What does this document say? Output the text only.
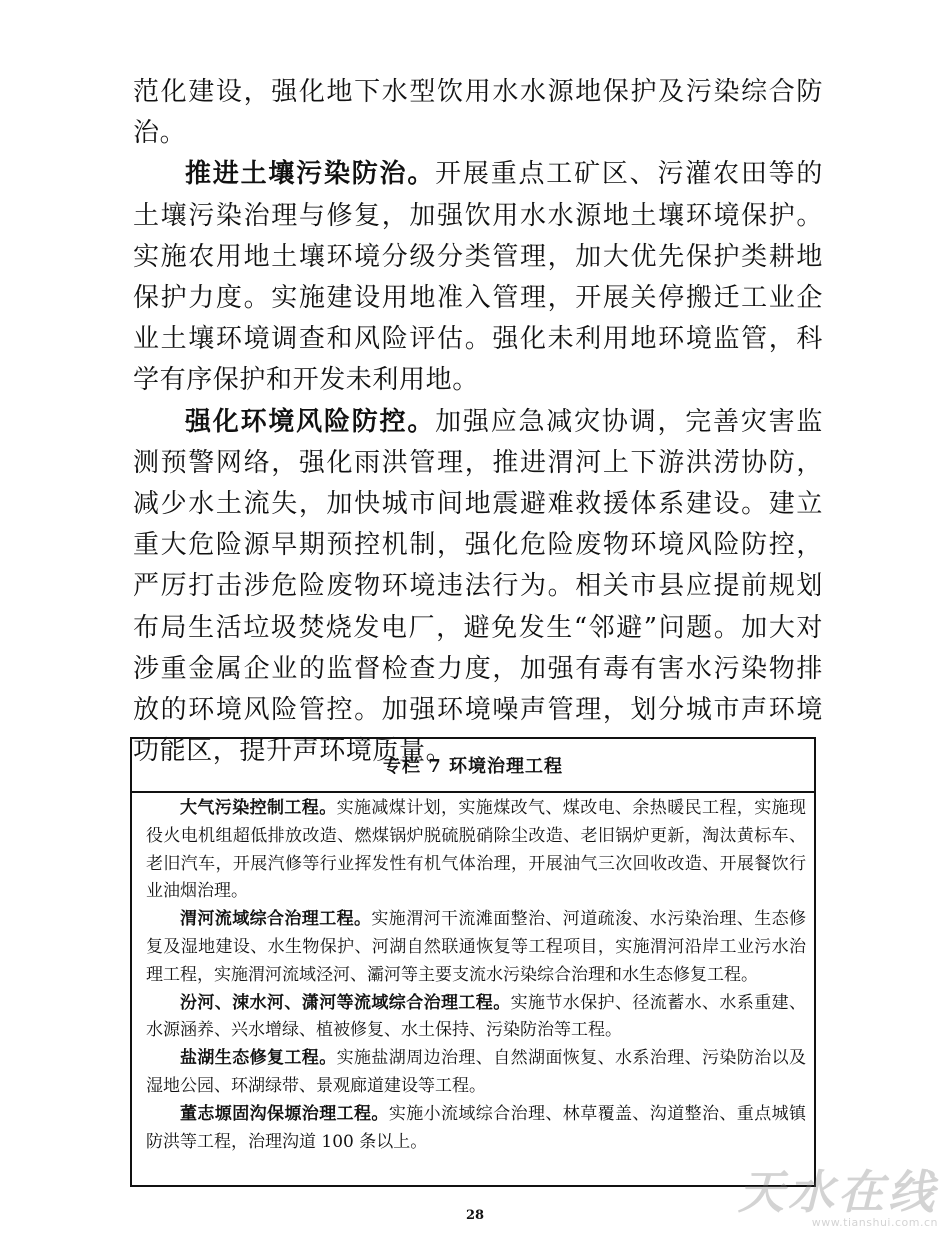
范化建设，强化地下水型饮用水水源地保护及污染综合防治。

推进土壤污染防治。开展重点工矿区、污灌农田等的土壤污染治理与修复，加强饮用水水源地土壤环境保护。实施农用地土壤环境分级分类管理，加大优先保护类耕地保护力度。实施建设用地准入管理，开展关停搬迁工业企业土壤环境调查和风险评估。强化未利用地环境监管，科学有序保护和开发未利用地。

强化环境风险防控。加强应急减灾协调，完善灾害监测预警网络，强化雨洪管理，推进渭河上下游洪涝协防，减少水土流失，加快城市间地震避难救援体系建设。建立重大危险源早期预控机制，强化危险废物环境风险防控，严厉打击涉危险废物环境违法行为。相关市县应提前规划布局生活垃圾焚烧发电厂，避免发生“邻避”问题。加大对涉重金属企业的监督检查力度，加强有毒有害水污染物排放的环境风险管控。加强环境噪声管理，划分城市声环境功能区，提升声环境质量。

专栏 7 环境治理工程

大气污染控制工程。实施减煤计划，实施煤改气、煤改电、余热暖民工程，实施现役火电机组超低排放改造、燃煤锅炉脱硫脱硝除尘改造、老旧锅炉更新，淘汰黄标车、老旧汽车，开展汽修等行业挥发性有机气体治理，开展油气三次回收改造、开展餐饮行业油烟治理。

渭河流域综合治理工程。实施渭河干流滩面整治、河道疏浚、水污染治理、生态修复及湿地建设、水生物保护、河湖自然联通恢复等工程项目，实施渭河沿岸工业污水治理工程，实施渭河流域泾河、灞河等主要支流水污染综合治理和水生态修复工程。

汾河、涑水河、潇河等流域综合治理工程。实施节水保护、径流蓄水、水系重建、水源涵养、兴水增绿、植被修复、水土保持、污染防治等工程。

盐湖生态修复工程。实施盐湖周边治理、自然湖面恢复、水系治理、污染防治以及湿地公园、环湖绿带、景观廊道建设等工程。

董志塬固沟保塬治理工程。实施小流域综合治理、林草覆盖、沟道整治、重点城镇防洪等工程，治理沟道 100 条以上。

28	天水在线
www.tianshui.com.cn
